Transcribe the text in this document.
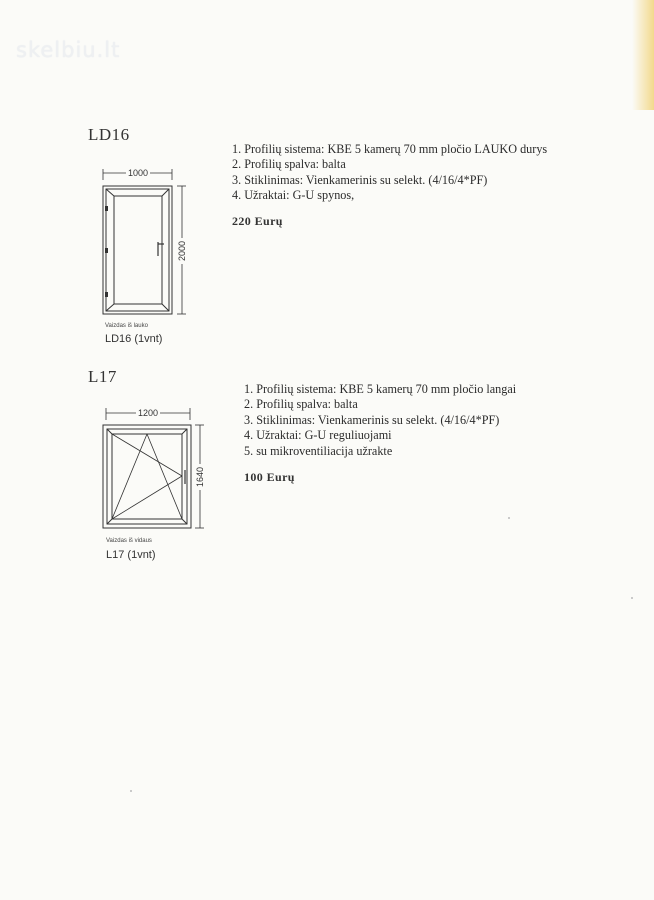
skelbiu.lt
LD16
1. Profilių sistema: KBE 5 kamerų 70 mm pločio LAUKO durys
2. Profilių spalva: balta
3. Stiklinimas: Vienkamerinis su selekt. (4/16/4*PF)
4. Užraktai: G-U spynos,
220 Eurų
1000
2000
Vaizdas iš lauko
LD16 (1vnt)
L17
1. Profilių sistema: KBE 5 kamerų 70 mm pločio langai
2. Profilių spalva: balta
3. Stiklinimas: Vienkamerinis su selekt. (4/16/4*PF)
4. Užraktai: G-U reguliuojami
5. su mikroventiliacija užrakte
100 Eurų
1200
1640
Vaizdas iš vidaus
L17 (1vnt)
